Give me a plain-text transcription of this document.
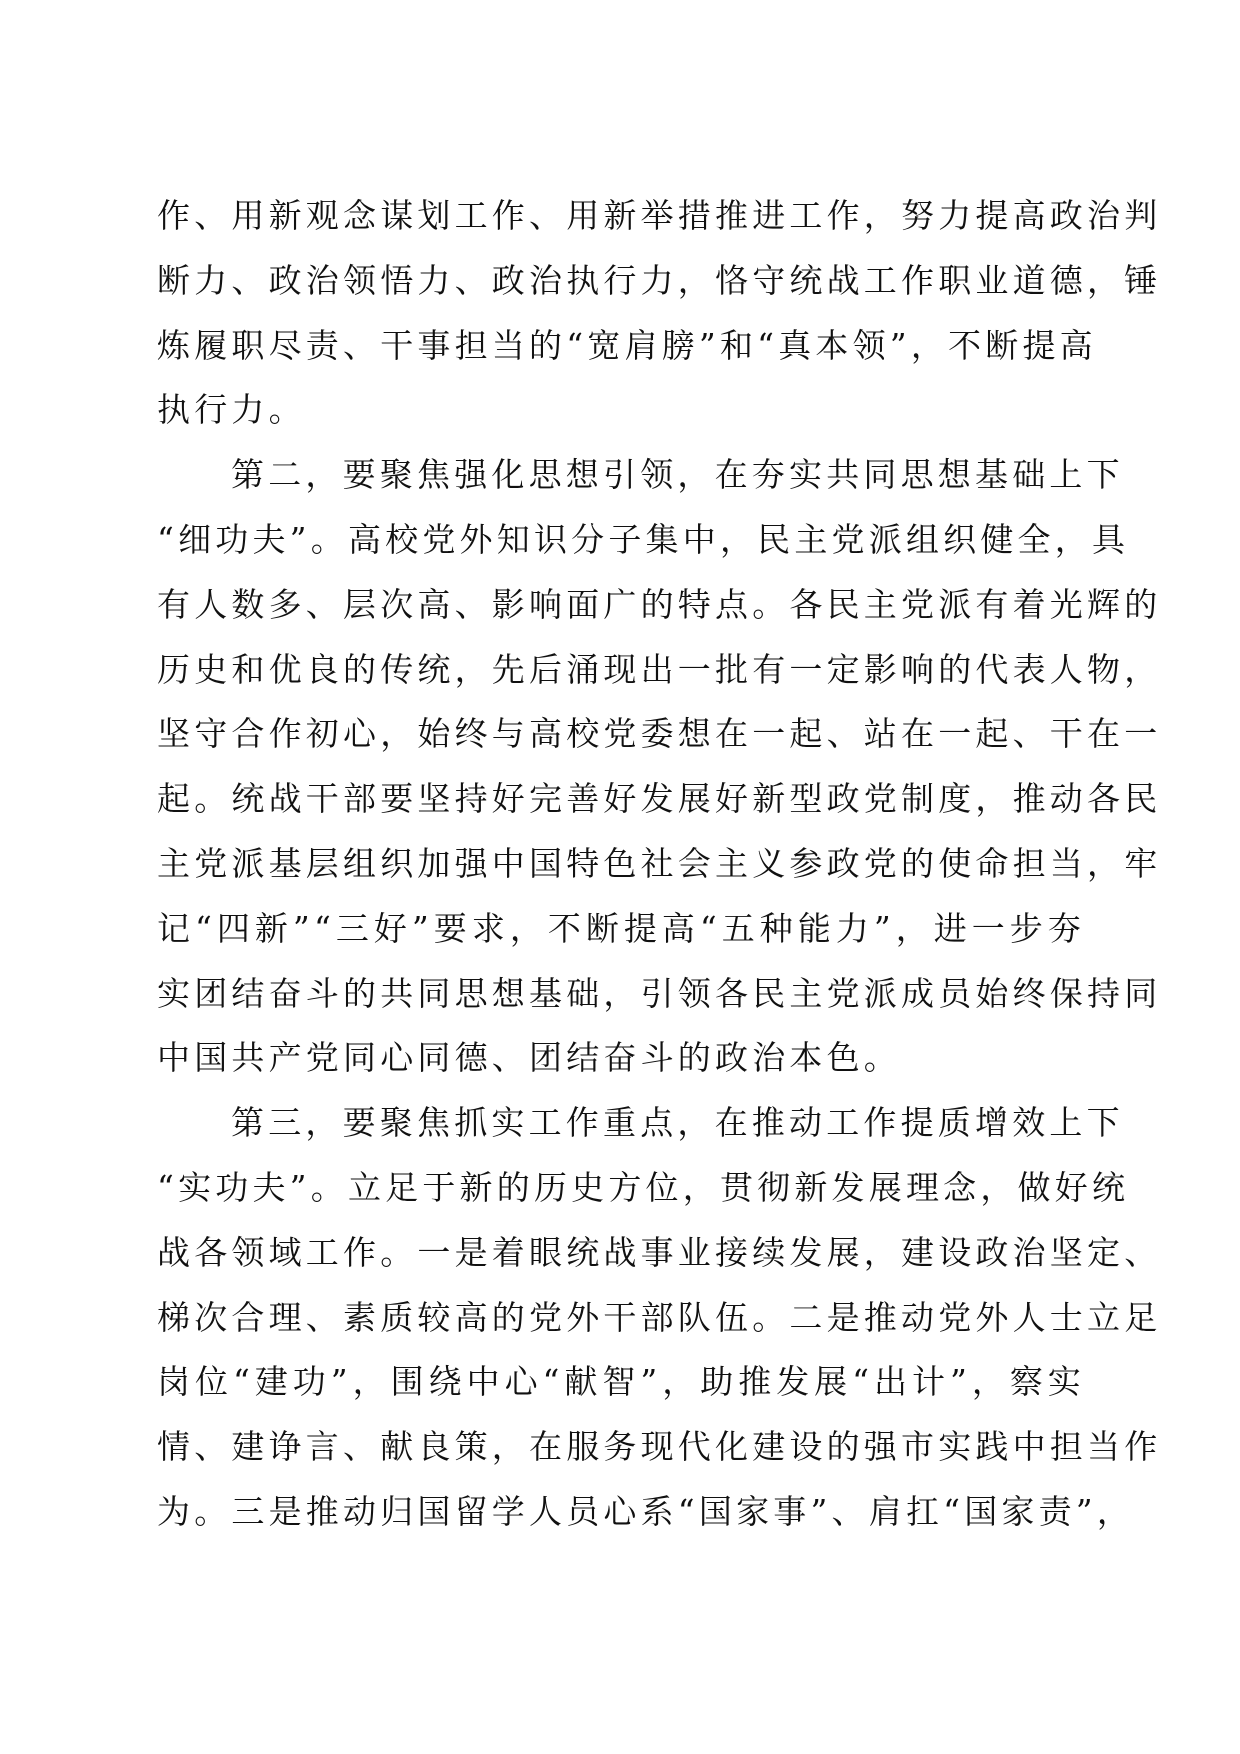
作、用新观念谋划工作、用新举措推进工作，努力提高政治判
断力、政治领悟力、政治执行力，恪守统战工作职业道德，锤
炼履职尽责、干事担当的“宽肩膀”和“真本领”，不断提高
执行力。
第二，要聚焦强化思想引领，在夯实共同思想基础上下
“细功夫”。高校党外知识分子集中，民主党派组织健全，具
有人数多、层次高、影响面广的特点。各民主党派有着光辉的
历史和优良的传统，先后涌现出一批有一定影响的代表人物，
坚守合作初心，始终与高校党委想在一起、站在一起、干在一
起。统战干部要坚持好完善好发展好新型政党制度，推动各民
主党派基层组织加强中国特色社会主义参政党的使命担当，牢
记“四新”“三好”要求，不断提高“五种能力”，进一步夯
实团结奋斗的共同思想基础，引领各民主党派成员始终保持同
中国共产党同心同德、团结奋斗的政治本色。
第三，要聚焦抓实工作重点，在推动工作提质增效上下
“实功夫”。立足于新的历史方位，贯彻新发展理念，做好统
战各领域工作。一是着眼统战事业接续发展，建设政治坚定、
梯次合理、素质较高的党外干部队伍。二是推动党外人士立足
岗位“建功”，围绕中心“献智”，助推发展“出计”，察实
情、建诤言、献良策，在服务现代化建设的强市实践中担当作
为。三是推动归国留学人员心系“国家事”、肩扛“国家责”，
